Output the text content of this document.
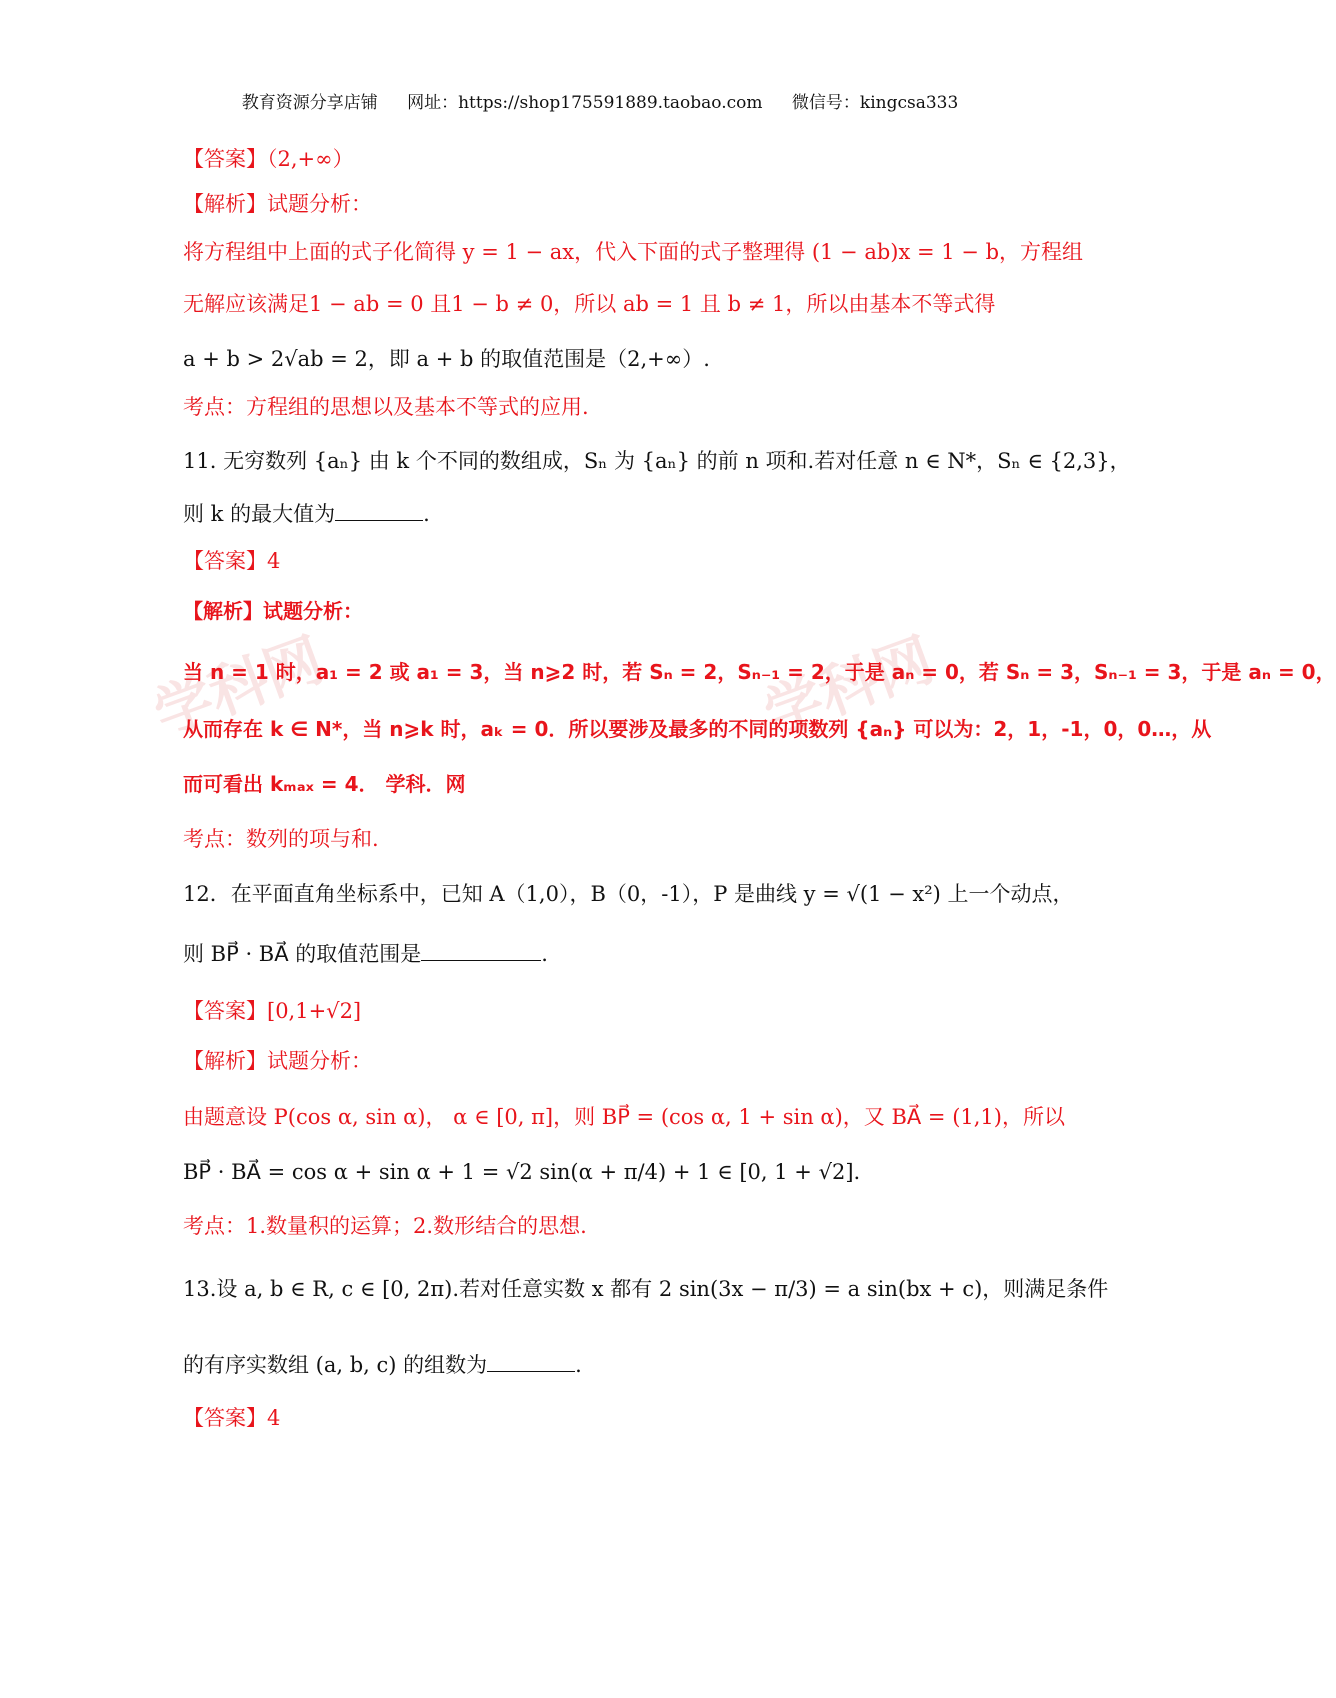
教育资源分享店铺 网址：https://shop175591889.taobao.com 微信号：kingcsa333
学科网	学科网
【答案】（2,+∞）
【解析】试题分析：
将方程组中上面的式子化简得 y = 1 − ax，代入下面的式子整理得 (1 − ab)x = 1 − b，方程组
无解应该满足1 − ab = 0 且1 − b ≠ 0，所以 ab = 1 且 b ≠ 1，所以由基本不等式得
a + b > 2√ab = 2，即 a + b 的取值范围是（2,+∞）.
考点：方程组的思想以及基本不等式的应用.
11. 无穷数列 {aₙ} 由 k 个不同的数组成，Sₙ 为 {aₙ} 的前 n 项和.若对任意 n ∈ N*，Sₙ ∈ {2,3}，
则 k 的最大值为	.
【答案】4
【解析】试题分析：
当 n = 1 时，a₁ = 2 或 a₁ = 3，当 n⩾2 时，若 Sₙ = 2，Sₙ₋₁ = 2，于是 aₙ = 0，若 Sₙ = 3，Sₙ₋₁ = 3，于是 aₙ = 0，
从而存在 k ∈ N*，当 n⩾k 时，aₖ = 0．所以要涉及最多的不同的项数列 {aₙ} 可以为：2，1，-1，0，0…，从
而可看出 kₘₐₓ = 4． 学科．网
考点：数列的项与和.
12．在平面直角坐标系中，已知 A（1,0），B（0，-1），P 是曲线 y = √(1 − x²) 上一个动点，
则 BP⃗ · BA⃗ 的取值范围是	.
【答案】[0,1+√2]
【解析】试题分析：
由题意设 P(cos α, sin α)， α ∈ [0, π]，则 BP⃗ = (cos α, 1 + sin α)，又 BA⃗ = (1,1)，所以
BP⃗ · BA⃗ = cos α + sin α + 1 = √2 sin(α + π/4) + 1 ∈ [0, 1 + √2].
考点：1.数量积的运算；2.数形结合的思想.
13.设 a, b ∈ R, c ∈ [0, 2π).若对任意实数 x 都有 2 sin(3x − π/3) = a sin(bx + c)，则满足条件
的有序实数组 (a, b, c) 的组数为	.
【答案】4
